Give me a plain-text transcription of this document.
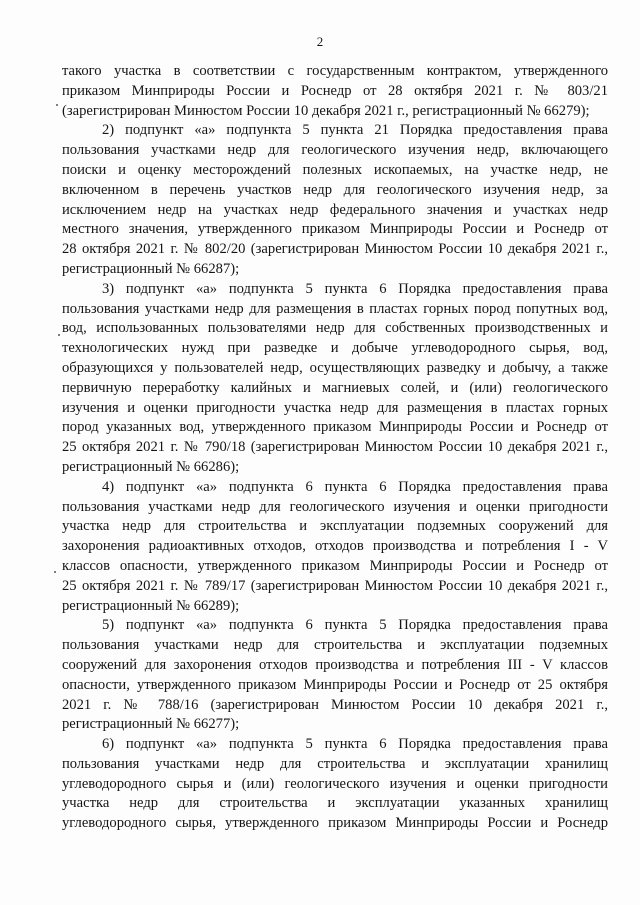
2
такого участка в соответствии с государственным контрактом, утвержденного
приказом Минприроды России и Роснедр от 28 октября 2021 г. № 803/21
(зарегистрирован Минюстом России 10 декабря 2021 г., регистрационный № 66279);
2) подпункт «а» подпункта 5 пункта 21 Порядка предоставления права
пользования участками недр для геологического изучения недр, включающего
поиски и оценку месторождений полезных ископаемых, на участке недр, не
включенном в перечень участков недр для геологического изучения недр, за
исключением недр на участках недр федерального значения и участках недр
местного значения, утвержденного приказом Минприроды России и Роснедр от
28 октября 2021 г. № 802/20 (зарегистрирован Минюстом России 10 декабря 2021 г.,
регистрационный № 66287);
3) подпункт «а» подпункта 5 пункта 6 Порядка предоставления права
пользования участками недр для размещения в пластах горных пород попутных вод,
вод, использованных пользователями недр для собственных производственных и
технологических нужд при разведке и добыче углеводородного сырья, вод,
образующихся у пользователей недр, осуществляющих разведку и добычу, а также
первичную переработку калийных и магниевых солей, и (или) геологического
изучения и оценки пригодности участка недр для размещения в пластах горных
пород указанных вод, утвержденного приказом Минприроды России и Роснедр от
25 октября 2021 г. № 790/18 (зарегистрирован Минюстом России 10 декабря 2021 г.,
регистрационный № 66286);
4) подпункт «а» подпункта 6 пункта 6 Порядка предоставления права
пользования участками недр для геологического изучения и оценки пригодности
участка недр для строительства и эксплуатации подземных сооружений для
захоронения радиоактивных отходов, отходов производства и потребления I - V
классов опасности, утвержденного приказом Минприроды России и Роснедр от
25 октября 2021 г. № 789/17 (зарегистрирован Минюстом России 10 декабря 2021 г.,
регистрационный № 66289);
5) подпункт «а» подпункта 6 пункта 5 Порядка предоставления права
пользования участками недр для строительства и эксплуатации подземных
сооружений для захоронения отходов производства и потребления III - V классов
опасности, утвержденного приказом Минприроды России и Роснедр от 25 октября
2021 г. № 788/16 (зарегистрирован Минюстом России 10 декабря 2021 г.,
регистрационный № 66277);
6) подпункт «а» подпункта 5 пункта 6 Порядка предоставления права
пользования участками недр для строительства и эксплуатации хранилищ
углеводородного сырья и (или) геологического изучения и оценки пригодности
участка недр для строительства и эксплуатации указанных хранилищ
углеводородного сырья, утвержденного приказом Минприроды России и Роснедр
